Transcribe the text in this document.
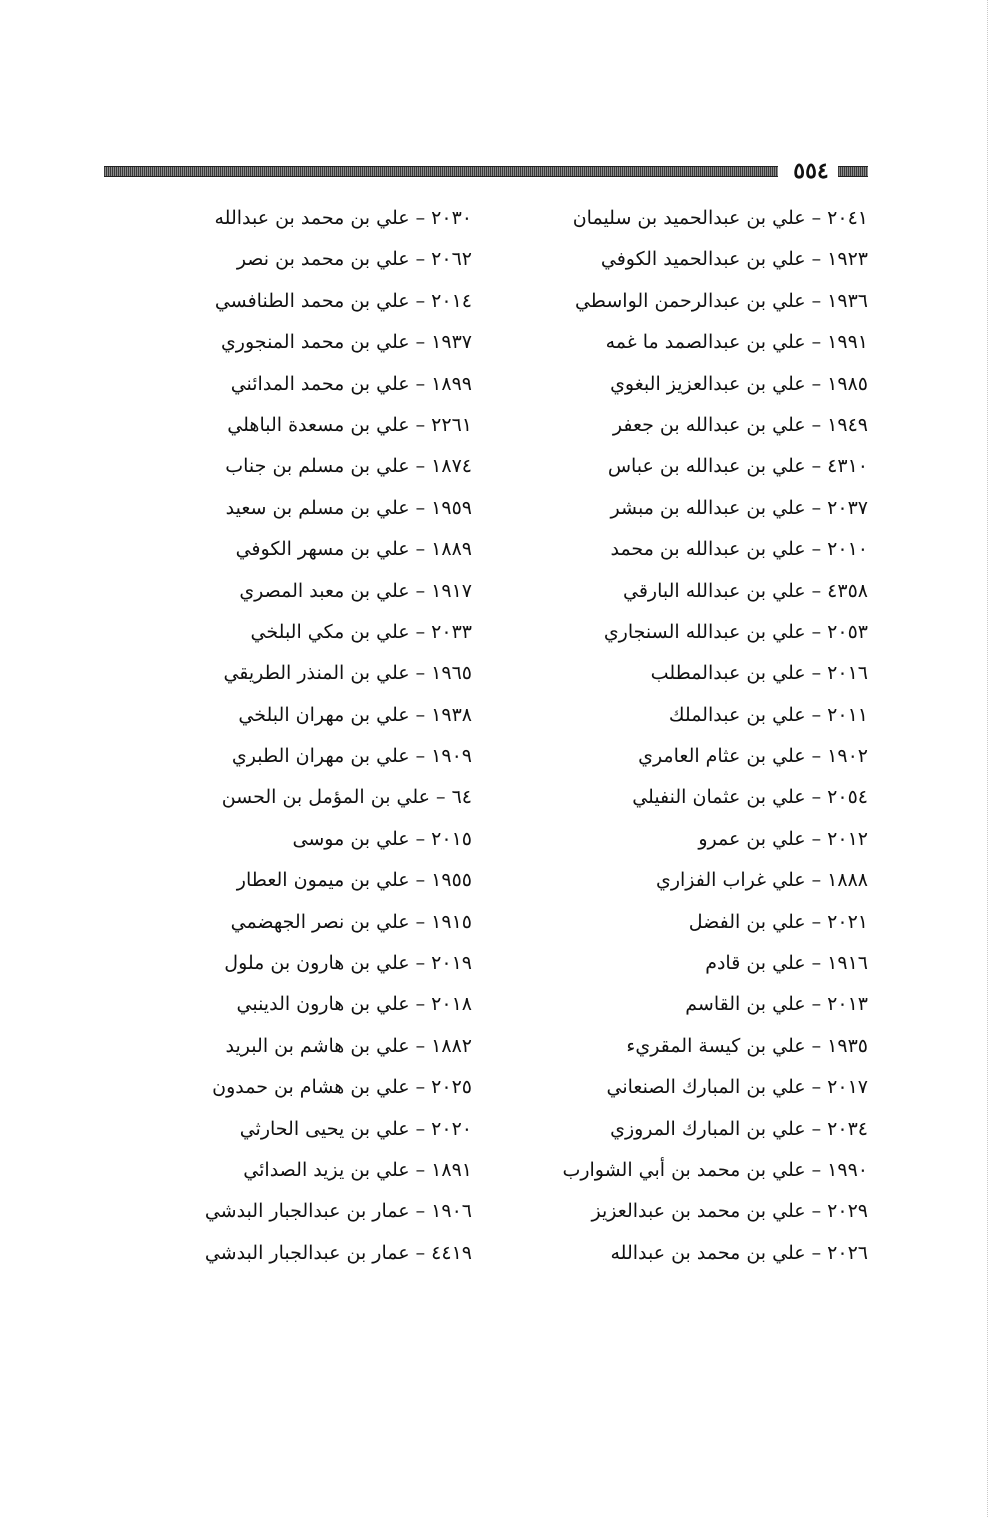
٥٥٤
٢٠٤١ – علي بن عبدالحميد بن سليمان
١٩٢٣ – علي بن عبدالحميد الكوفي
١٩٣٦ – علي بن عبدالرحمن الواسطي
١٩٩١ – علي بن عبدالصمد ما غمه
١٩٨٥ – علي بن عبدالعزيز البغوي
١٩٤٩ – علي بن عبدالله بن جعفر
٤٣١٠ – علي بن عبدالله بن عباس
٢٠٣٧ – علي بن عبدالله بن مبشر
٢٠١٠ – علي بن عبدالله بن محمد
٤٣٥٨ – علي بن عبدالله البارقي
٢٠٥٣ – علي بن عبدالله السنجاري
٢٠١٦ – علي بن عبدالمطلب
٢٠١١ – علي بن عبدالملك
١٩٠٢ – علي بن عثام العامري
٢٠٥٤ – علي بن عثمان النفيلي
٢٠١٢ – علي بن عمرو
١٨٨٨ – علي غراب الفزاري
٢٠٢١ – علي بن الفضل
١٩١٦ – علي بن قادم
٢٠١٣ – علي بن القاسم
١٩٣٥ – علي بن كيسة المقريء
٢٠١٧ – علي بن المبارك الصنعاني
٢٠٣٤ – علي بن المبارك المروزي
١٩٩٠ – علي بن محمد بن أبي الشوارب
٢٠٢٩ – علي بن محمد بن عبدالعزيز
٢٠٢٦ – علي بن محمد بن عبدالله
٢٠٣٠ – علي بن محمد بن عبدالله
٢٠٦٢ – علي بن محمد بن نصر
٢٠١٤ – علي بن محمد الطنافسي
١٩٣٧ – علي بن محمد المنجوري
١٨٩٩ – علي بن محمد المدائني
٢٢٦١ – علي بن مسعدة الباهلي
١٨٧٤ – علي بن مسلم بن جناب
١٩٥٩ – علي بن مسلم بن سعيد
١٨٨٩ – علي بن مسهر الكوفي
١٩١٧ – علي بن معبد المصري
٢٠٣٣ – علي بن مكي البلخي
١٩٦٥ – علي بن المنذر الطريقي
١٩٣٨ – علي بن مهران البلخي
١٩٠٩ – علي بن مهران الطبري
٦٤ – علي بن المؤمل بن الحسن
٢٠١٥ – علي بن موسى
١٩٥٥ – علي بن ميمون العطار
١٩١٥ – علي بن نصر الجهضمي
٢٠١٩ – علي بن هارون بن ملول
٢٠١٨ – علي بن هارون الدينبي
١٨٨٢ – علي بن هاشم بن البريد
٢٠٢٥ – علي بن هشام بن حمدون
٢٠٢٠ – علي بن يحيى الحارثي
١٨٩١ – علي بن يزيد الصدائي
١٩٠٦ – عمار بن عبدالجبار البدشي
٤٤١٩ – عمار بن عبدالجبار البدشي
